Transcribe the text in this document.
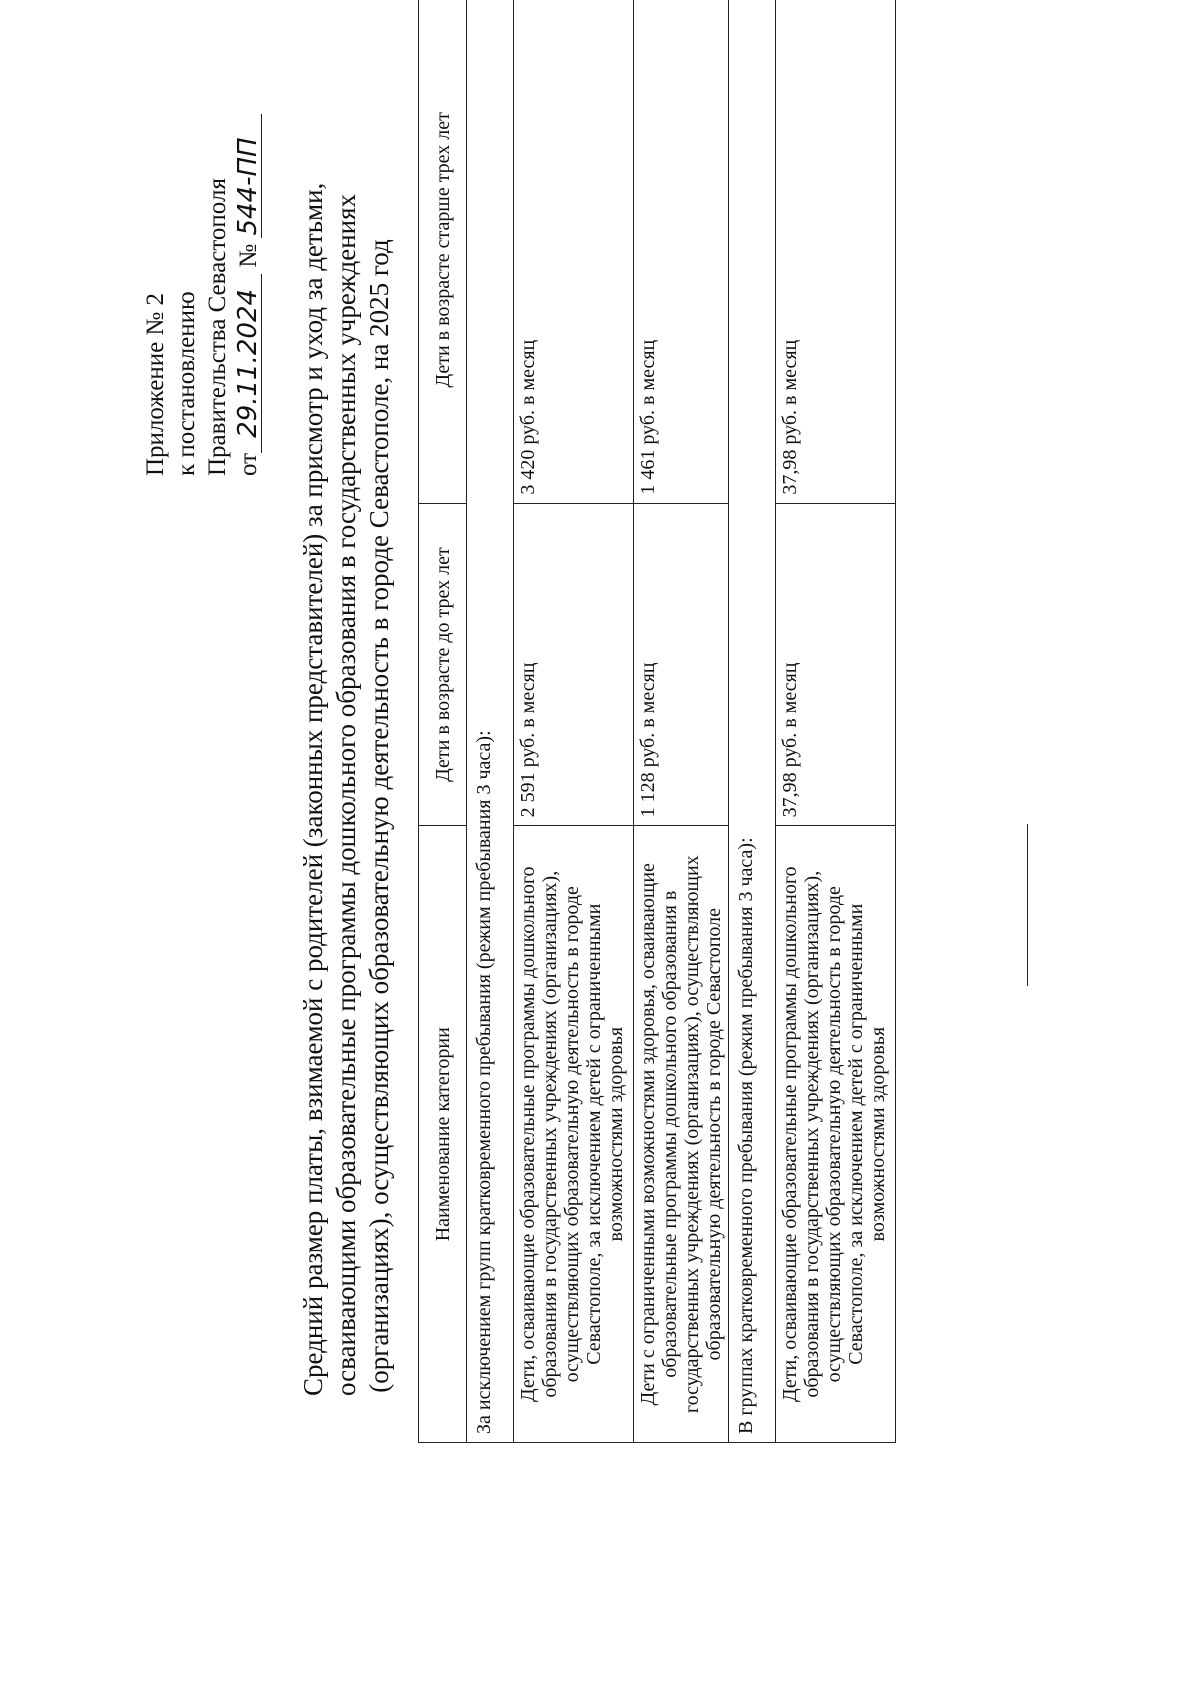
Приложение № 2 к постановлению Правительства Севастополя от29.11.2024 № 544-ПП Средний размер платы, взимаемой с родителей (законных представителей) за присмотр и уход за детьми, осваивающими образовательные программы дошкольного образования в государственных учреждениях (организациях), осуществляющих образовательную деятельность в городе Севастополе, на 2025 год Наименование категории	Дети в возрасте до трех лет	Дети в возрасте старше трех лет
За исключением групп кратковременного пребывания (режим пребывания 3 часа):		

Дети, осваивающие образовательные программы дошкольного образования в государственных учреждениях (организациях), осуществляющих образовательную деятельность в городе Севастополе, за исключением детей с ограниченными возможностями здоровья	2 591 руб. в месяц	3 420 руб. в месяц

Дети с ограниченными возможностями здоровья, осваивающие образовательные программы дошкольного образования в государственных учреждениях (организациях), осуществляющих образовательную деятельность в городе Севастополе	1 128 руб. в месяц	1 461 руб. в месяц
В группах кратковременного пребывания (режим пребывания 3 часа):		

Дети, осваивающие образовательные программы дошкольного образования в государственных учреждениях (организациях), осуществляющих образовательную деятельность в городе Севастополе, за исключением детей с ограниченными возможностями здоровья	37,98 руб. в месяц	37,98 руб. в месяц
